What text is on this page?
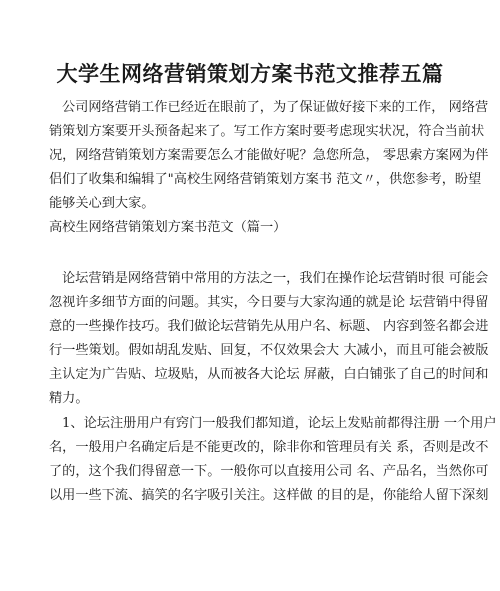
大学生网络营销策划方案书范文推荐五篇
公司网络营销工作已经近在眼前了，为了保证做好接下来的工作， 网络营
销策划方案要开头预备起来了。写工作方案时要考虑现实状况，符合当前状
况，网络营销策划方案需要怎么才能做好呢？急您所急， 零思索方案网为伴
侣们了收集和编辑了"高校生网络营销策划方案书 范文〃，供您参考，盼望
能够关心到大家。
高校生网络营销策划方案书范文（篇一）
论坛营销是网络营销中常用的方法之一，我们在操作论坛营销时很 可能会
忽视许多细节方面的问题。其实，今日要与大家沟通的就是论 坛营销中得留
意的一些操作技巧。我们做论坛营销先从用户名、标题、 内容到签名都会进
行一些策划。假如胡乱发贴、回复，不仅效果会大 大减小，而且可能会被版
主认定为广告贴、垃圾贴，从而被各大论坛 屏蔽，白白铺张了自己的时间和
精力。
1、论坛注册用户有窍门一般我们都知道，论坛上发贴前都得注册 一个用户
名，一般用户名确定后是不能更改的，除非你和管理员有关 系，否则是改不
了的，这个我们得留意一下。一般你可以直接用公司 名、产品名，当然你可
以用一些下流、搞笑的名字吸引关注。这样做 的目的是，你能给人留下深刻
